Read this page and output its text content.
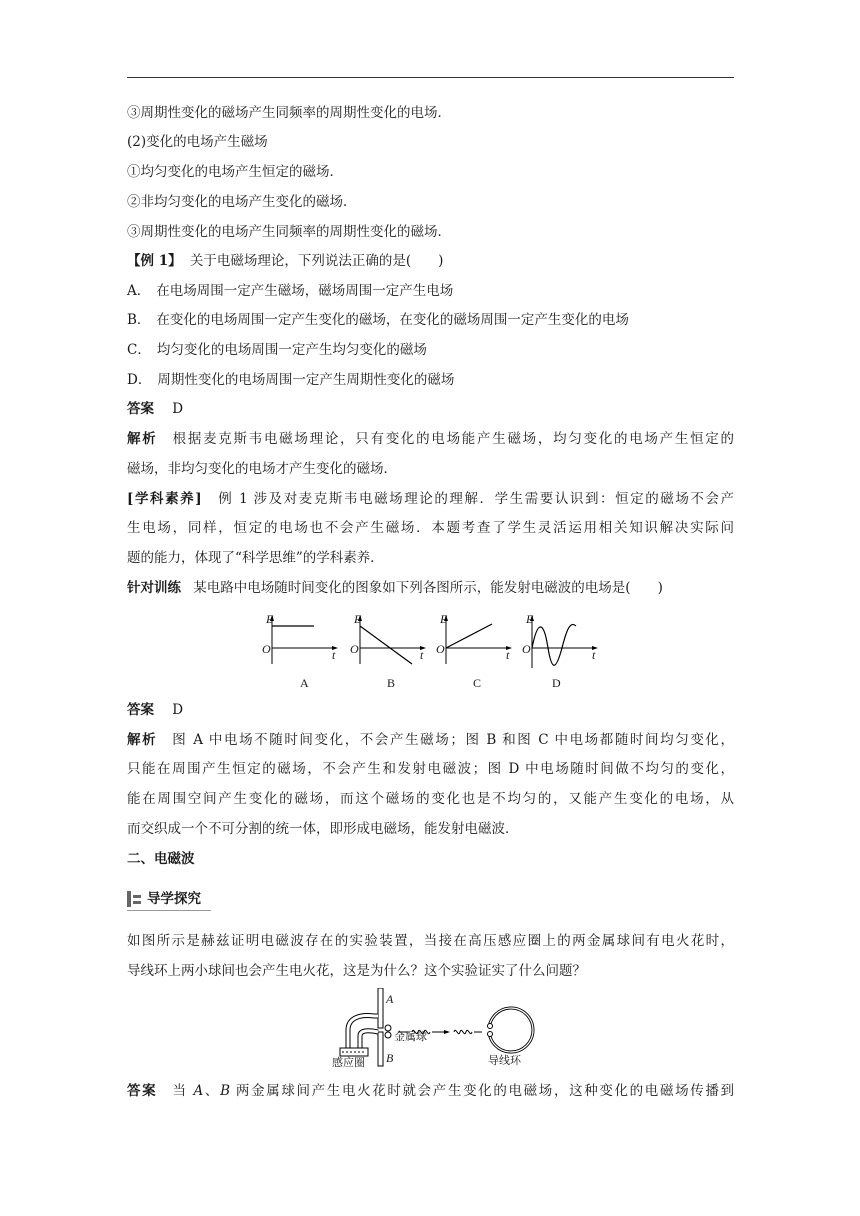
③周期性变化的磁场产生同频率的周期性变化的电场．
(2)变化的电场产生磁场
①均匀变化的电场产生恒定的磁场．
②非均匀变化的电场产生变化的磁场．
③周期性变化的电场产生同频率的周期性变化的磁场．
【例 1】 关于电磁场理论，下列说法正确的是(　　)
A． 在电场周围一定产生磁场，磁场周围一定产生电场
B． 在变化的电场周围一定产生变化的磁场，在变化的磁场周围一定产生变化的电场
C． 均匀变化的电场周围一定产生均匀变化的磁场
D． 周期性变化的电场周围一定产生周期性变化的磁场
答案 D
解析　 根据麦克斯韦电磁场理论，只有变化的电场能产生磁场，均匀变化的电场产生恒定的
磁场，非均匀变化的电场才产生变化的磁场．
[学科素养]　 例 1 涉及对麦克斯韦电磁场理论的理解．学生需要认识到：恒定的磁场不会产
生电场，同样，恒定的电场也不会产生磁场．本题考查了学生灵活运用相关知识解决实际问
题的能力，体现了“科学思维”的学科素养．
针对训练 某电路中电场随时间变化的图象如下列各图所示，能发射电磁波的电场是(　　)
E
O	t
A
E
O	t
B
E
O	t
C
E
O	t
D
答案 D
解析　 图 A 中电场不随时间变化，不会产生磁场；图 B 和图 C 中电场都随时间均匀变化，
只能在周围产生恒定的磁场，不会产生和发射电磁波；图 D 中电场随时间做不均匀的变化，
能在周围空间产生变化的磁场，而这个磁场的变化也是不均匀的，又能产生变化的电场，从
而交织成一个不可分割的统一体，即形成电磁场，能发射电磁波．
二、电磁波
导学探究
如图所示是赫兹证明电磁波存在的实验装置，当接在高压感应圈上的两金属球间有电火花时，
导线环上两小球间也会产生电火花，这是为什么？这个实验证实了什么问题？
A
B
金属球
感应圈	导线环
答案　 当 A、B 两金属球间产生电火花时就会产生变化的电磁场，这种变化的电磁场传播到
